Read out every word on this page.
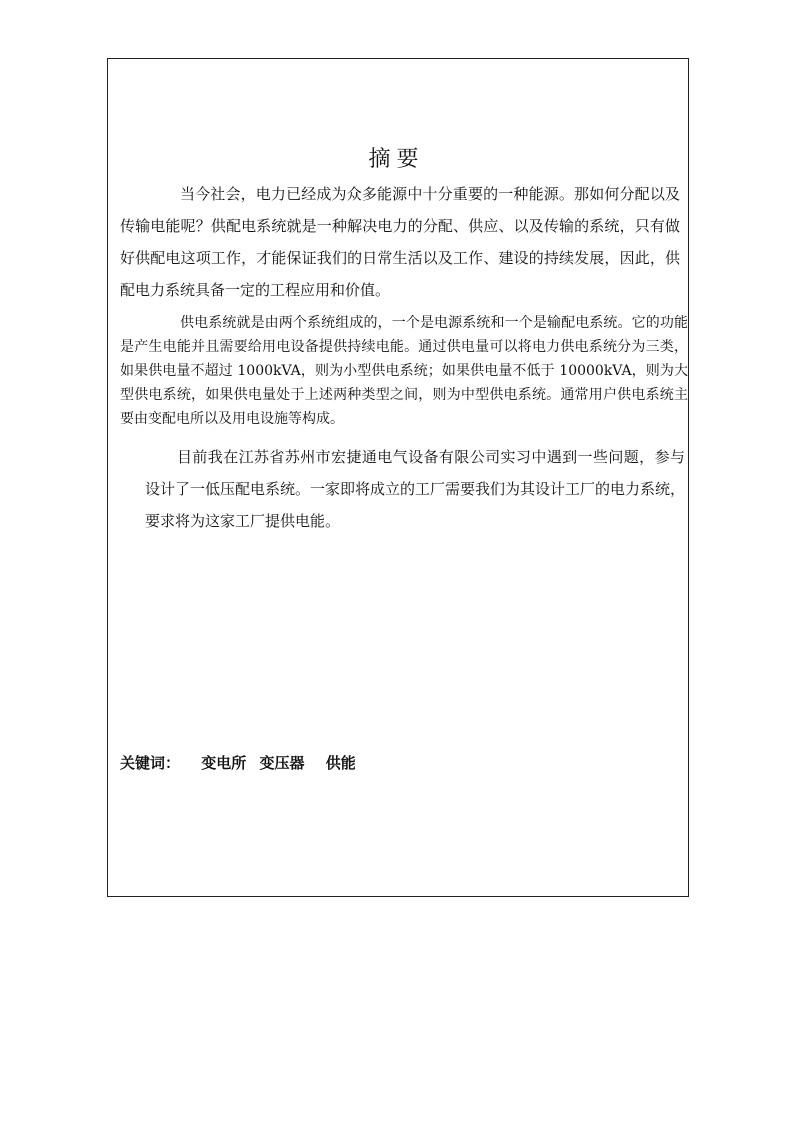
摘要

当今社会，电力已经成为众多能源中十分重要的一种能源。那如何分配以及传输电能呢？供配电系统就是一种解决电力的分配、供应、以及传输的系统，只有做好供配电这项工作，才能保证我们的日常生活以及工作、建设的持续发展，因此，供配电力系统具备一定的工程应用和价值。

供电系统就是由两个系统组成的，一个是电源系统和一个是输配电系统。它的功能是产生电能并且需要给用电设备提供持续电能。通过供电量可以将电力供电系统分为三类，如果供电量不超过 1000kVA，则为小型供电系统；如果供电量不低于 10000kVA，则为大型供电系统，如果供电量处于上述两种类型之间，则为中型供电系统。通常用户供电系统主要由变配电所以及用电设施等构成。

目前我在江苏省苏州市宏捷通电气设备有限公司实习中遇到一些问题，参与设计了一低压配电系统。一家即将成立的工厂需要我们为其设计工厂的电力系统，要求将为这家工厂提供电能。

关键词： 变电所 变压器 供能
